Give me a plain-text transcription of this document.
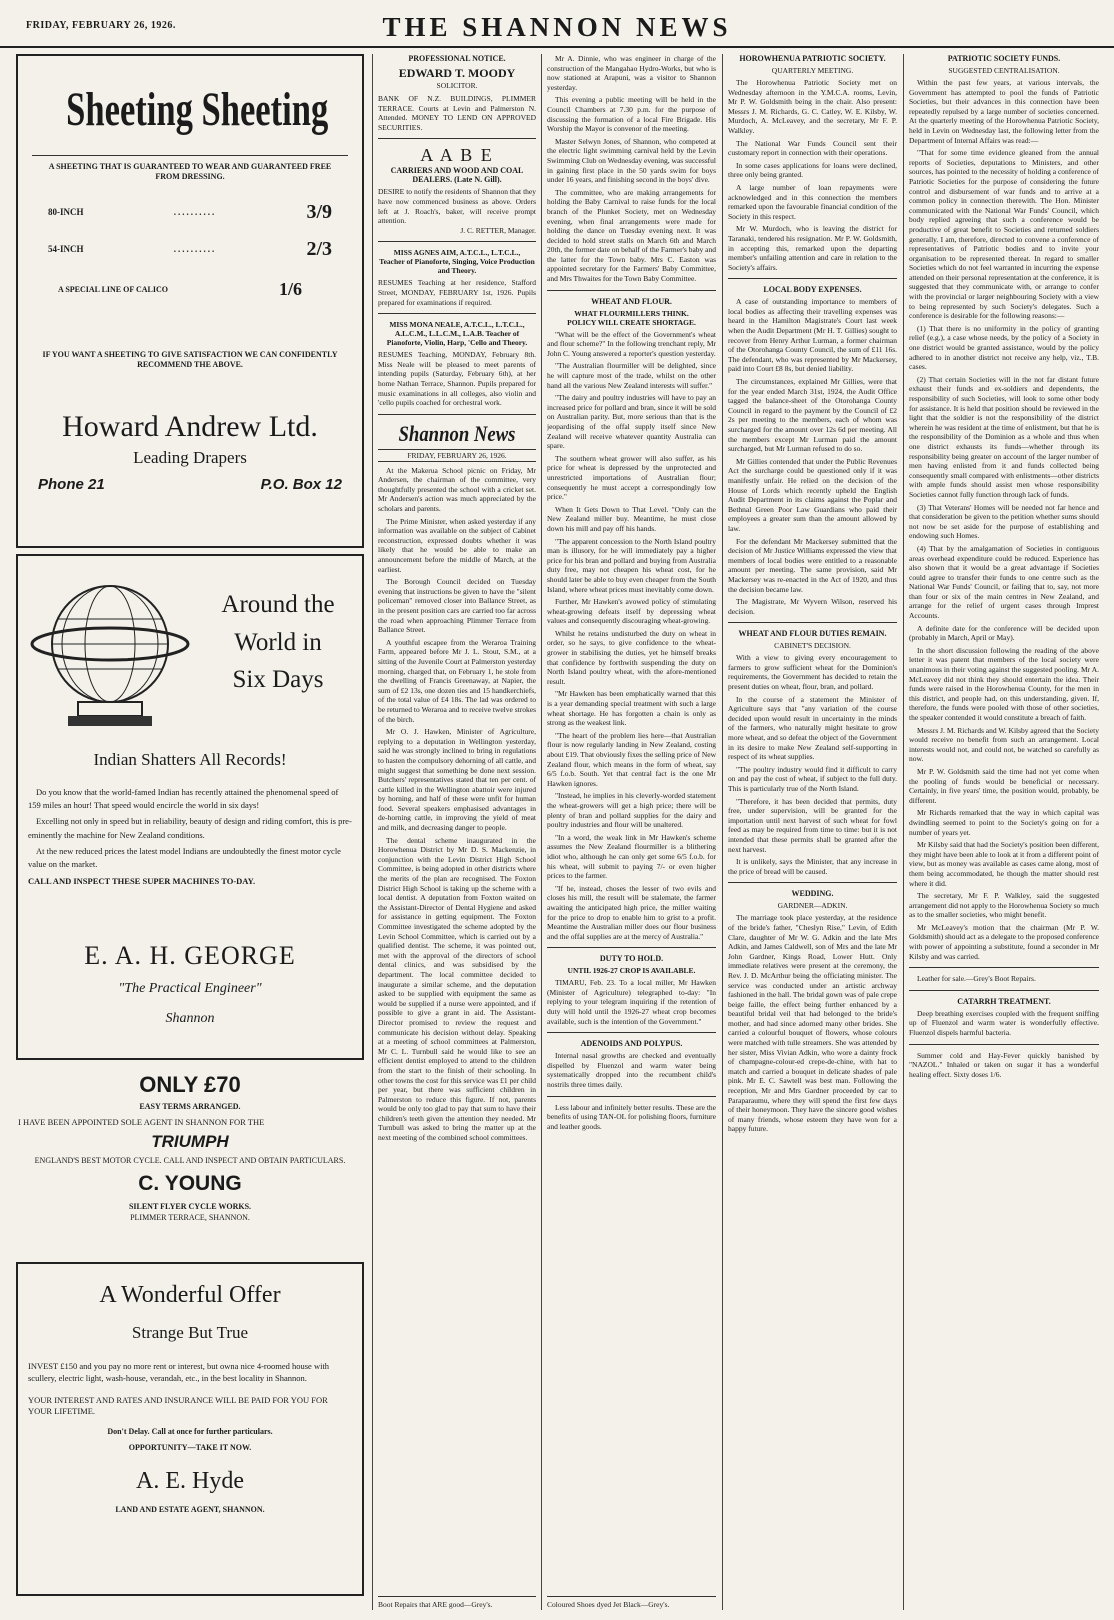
FRIDAY, FEBRUARY 26, 1926.	THE SHANNON NEWS
Sheeting Sheeting
A SHEETING THAT IS GUARANTEED TO WEAR AND GUARANTEED FREE FROM DRESSING.
80-INCH	..........	3/9
54-INCH	..........	2/3
A SPECIAL LINE OF CALICO	1/6
IF YOU WANT A SHEETING TO GIVE SATISFACTION WE CAN CONFIDENTLY RECOMMEND THE ABOVE.
Howard Andrew Ltd.
Leading Drapers
Phone 21	P.O. Box 12
Around the
World in
Six Days
Indian Shatters All Records!

Do you know that the world-famed Indian has recently attained the phenomenal speed of 159 miles an hour! That speed would encircle the world in six days!

Excelling not only in speed but in reliability, beauty of design and riding comfort, this is pre-eminently the machine for New Zealand conditions.

At the new reduced prices the latest model Indians are undoubtedly the finest motor cycle value on the market.

CALL AND INSPECT THESE SUPER MACHINES TO-DAY.
E. A. H. GEORGE
"The Practical Engineer"
Shannon
ONLY £70
EASY TERMS ARRANGED.
I HAVE BEEN APPOINTED SOLE AGENT IN SHANNON FOR THE
TRIUMPH
ENGLAND'S BEST MOTOR CYCLE. CALL AND INSPECT AND OBTAIN PARTICULARS.
C. YOUNG
SILENT FLYER CYCLE WORKS.
PLIMMER TERRACE, SHANNON.
A Wonderful Offer
Strange But True
INVEST £150 and you pay no more rent or interest, but owna nice 4-roomed house with scullery, electric light, wash-house, verandah, etc., in the best locality in Shannon.
YOUR INTEREST AND RATES AND INSURANCE WILL BE PAID FOR YOU FOR YOUR LIFETIME.
Don't Delay. Call at once for further particulars.
OPPORTUNITY—TAKE IT NOW.
A. E. Hyde
LAND AND ESTATE AGENT, SHANNON.
PROFESSIONAL NOTICE.
EDWARD T. MOODY
SOLICITOR.
BANK OF N.Z. BUILDINGS, PLIMMER TERRACE. Courts at Levin and Palmerston N. Attended. MONEY TO LEND ON APPROVED SECURITIES.
A A B E
CARRIERS AND WOOD AND COAL DEALERS. (Late N. Gill).
DESIRE to notify the residents of Shannon that they have now commenced business as above. Orders left at J. Roach's, baker, will receive prompt attention.
J. C. RETTER, Manager.
MISS AGNES AIM, A.T.C.L., L.T.C.L.,
Teacher of Pianoforte, Singing, Voice Production and Theory.
RESUMES Teaching at her residence, Stafford Street, MONDAY, FEBRUARY 1st, 1926. Pupils prepared for examinations if required.
MISS MONA NEALE, A.T.C.L., L.T.C.L., A.L.C.M., L.L.C.M., L.A.B. Teacher of Pianoforte, Violin, Harp, 'Cello and Theory.
RESUMES Teaching, MONDAY, February 8th. Miss Neale will be pleased to meet parents of intending pupils (Saturday, February 6th), at her home Nathan Terrace, Shannon. Pupils prepared for music examinations in all colleges, also violin and 'cello pupils coached for orchestral work.
Shannon News
FRIDAY, FEBRUARY 26, 1926.

At the Makerua School picnic on Friday, Mr Andersen, the chairman of the committee, very thoughtfully presented the school with a cricket set. Mr Andersen's action was much appreciated by the scholars and parents.

The Prime Minister, when asked yesterday if any information was available on the subject of Cabinet reconstruction, expressed doubts whether it was likely that he would be able to make an announcement before the middle of March, at the earliest.

The Borough Council decided on Tuesday evening that instructions be given to have the "silent policeman" removed closer into Ballance Street, as in the present position cars are carried too far across the road when approaching Plimmer Terrace from Ballance Street.

A youthful escapee from the Weraroa Training Farm, appeared before Mr J. L. Stout, S.M., at a sitting of the Juvenile Court at Palmerston yesterday morning, charged that, on February 1, he stole from the dwelling of Francis Greenaway, at Napier, the sum of £2 13s, one dozen ties and 15 handkerchiefs, of the total value of £4 18s. The lad was ordered to be returned to Weraroa and to receive twelve strokes of the birch.

Mr O. J. Hawken, Minister of Agriculture, replying to a deputation in Wellington yesterday, said he was strongly inclined to bring in regulations to hasten the compulsory dehorning of all cattle, and might suggest that something be done next session. Butchers' representatives stated that ten per cent. of cattle killed in the Wellington abattoir were injured by horning, and half of these were unfit for human food. Several speakers emphasised advantages in de-horning cattle, in improving the yield of meat and milk, and decreasing danger to people.

The dental scheme inaugurated in the Horowhenua District by Mr D. S. Mackenzie, in conjunction with the Levin District High School Committee, is being adopted in other districts where the merits of the plan are recognised. The Foxton District High School is taking up the scheme with a local dentist. A deputation from Foxton waited on the Assistant-Director of Dental Hygiene and asked for assistance in getting equipment. The Foxton Committee investigated the scheme adopted by the Levin School Committee, which is carried out by a qualified dentist. The scheme, it was pointed out, met with the approval of the directors of school dental clinics, and was subsidised by the department. The local committee decided to inaugurate a similar scheme, and the deputation asked to be supplied with equipment the same as would be supplied if a nurse were appointed, and if possible to give a grant in aid. The Assistant-Director promised to review the request and communicate his decision without delay. Speaking at a meeting of school committees at Palmerston, Mr C. L. Turnbull said he would like to see an efficient dentist employed to attend to the children from the start to the finish of their schooling. In other towns the cost for this service was £1 per child per year, but there was sufficient children in Palmerston to reduce this figure. If not, parents would be only too glad to pay that sum to have their children's teeth given the attention they needed. Mr Turnbull was asked to bring the matter up at the next meeting of the combined school committees.

Boot Repairs that ARE good—Grey's.

Mr A. Dinnie, who was engineer in charge of the construction of the Mangahao Hydro-Works, but who is now stationed at Arapuni, was a visitor to Shannon yesterday.

This evening a public meeting will be held in the Council Chambers at 7.30 p.m. for the purpose of discussing the formation of a local Fire Brigade. His Worship the Mayor is convenor of the meeting.

Master Selwyn Jones, of Shannon, who competed at the electric light swimming carnival held by the Levin Swimming Club on Wednesday evening, was successful in gaining first place in the 50 yards swim for boys under 16 years, and finishing second in the boys' dive.

The committee, who are making arrangements for holding the Baby Carnival to raise funds for the local branch of the Plunket Society, met on Wednesday evening, when final arrangements were made for holding the dance on Tuesday evening next. It was decided to hold street stalls on March 6th and March 20th, the former date on behalf of the Farmer's baby and the latter for the Town baby. Mrs C. Easton was appointed secretary for the Farmers' Baby Committee, and Mrs Thwaites for the Town Baby Committee.

WHEAT AND FLOUR.
WHAT FLOURMILLERS THINK.
POLICY WILL CREATE SHORTAGE.

"What will be the effect of the Government's wheat and flour scheme?" In the following trenchant reply, Mr John C. Young answered a reporter's question yesterday.

"The Australian flourmiller will be delighted, since he will capture most of the trade, whilst on the other hand all the various New Zealand interests will suffer."

"The dairy and poultry industries will have to pay an increased price for pollard and bran, since it will be sold on Australian parity. But, more serious than that is the jeopardising of the offal supply itself since New Zealand will receive whatever quantity Australia can spare.

The southern wheat grower will also suffer, as his price for wheat is depressed by the unprotected and unrestricted importations of Australian flour; consequently he must accept a correspondingly low price."

When It Gets Down to That Level. "Only can the New Zealand miller buy. Meantime, he must close down his mill and pay off his hands.

"The apparent concession to the North Island poultry man is illusory, for he will immediately pay a higher price for his bran and pollard and buying from Australia duty free, may not cheapen his wheat cost, for he should later be able to buy even cheaper from the South Island, where wheat prices must inevitably come down.

Further, Mr Hawken's avowed policy of stimulating wheat-growing defeats itself by depressing wheat values and consequently discouraging wheat-growing.

Whilst he retains undisturbed the duty on wheat in order, so he says, to give confidence to the wheat-grower in stabilising the duties, yet he himself breaks that confidence by forthwith suspending the duty on North Island poultry wheat, with the afore-mentioned result.

"Mr Hawken has been emphatically warned that this is a year demanding special treatment with such a large wheat shortage. He has forgotten a chain is only as strong as the weakest link.

"The heart of the problem lies here—that Australian flour is now regularly landing in New Zealand, costing about £19. That obviously fixes the selling price of New Zealand flour, which means in the form of wheat, say 6/5 f.o.b. South. Yet that central fact is the one Mr Hawken ignores.

"Instead, he implies in his cleverly-worded statement the wheat-growers will get a high price; there will be plenty of bran and pollard supplies for the dairy and poultry industries and flour will be unaltered.

"In a word, the weak link in Mr Hawken's scheme assumes the New Zealand flourmiller is a blithering idiot who, although he can only get some 6/5 f.o.b. for his wheat, will submit to paying 7/- or even higher prices to the farmer.

"If he, instead, choses the lesser of two evils and closes his mill, the result will be stalemate, the farmer awaiting the anticipated high price, the miller waiting for the price to drop to enable him to grist to a profit. Meantime the Australian miller does our flour business and the offal supplies are at the mercy of Australia."

DUTY TO HOLD.
UNTIL 1926-27 CROP IS AVAILABLE.

TIMARU, Feb. 23. To a local miller, Mr Hawken (Minister of Agriculture) telegraphed to-day: "In replying to your telegram inquiring if the retention of duty will hold until the 1926-27 wheat crop becomes available, such is the intention of the Government."

ADENOIDS AND POLYPUS.

Internal nasal growths are checked and eventually dispelled by Fluenzol and warm water being systematically dropped into the recumbent child's nostrils three times daily.

Less labour and infinitely better results. These are the benefits of using TAN-OL for polishing floors, furniture and leather goods.

Coloured Shoes dyed Jet Black—Grey's.
HOROWHENUA PATRIOTIC SOCIETY.
QUARTERLY MEETING.

The Horowhenua Patriotic Society met on Wednesday afternoon in the Y.M.C.A. rooms, Levin, Mr P. W. Goldsmith being in the chair. Also present: Messrs J. M. Richards, G. C. Catley, W. E. Kilsby, W. Murdoch, A. McLeavey, and the secretary, Mr F. P. Walkley.

The National War Funds Council sent their customary report in connection with their operations.

In some cases applications for loans were declined, three only being granted.

A large number of loan repayments were acknowledged and in this connection the members remarked upon the favourable financial condition of the Society in this respect.

Mr W. Murdoch, who is leaving the district for Taranaki, tendered his resignation. Mr P. W. Goldsmith, in accepting this, remarked upon the departing member's unfailing attention and care in relation to the Society's affairs.

LOCAL BODY EXPENSES.

A case of outstanding importance to members of local bodies as affecting their travelling expenses was heard in the Hamilton Magistrate's Court last week when the Audit Department (Mr H. T. Gillies) sought to recover from Henry Arthur Lurman, a former chairman of the Otorohanga County Council, the sum of £11 16s. The defendant, who was represented by Mr Mackersey, paid into Court £8 8s, but denied liability.

The circumstances, explained Mr Gillies, were that for the year ended March 31st, 1924, the Audit Office tagged the balance-sheet of the Otorohanga County Council in regard to the payment by the Council of £2 2s per meeting to the members, each of whom was surcharged for the amount over 12s 6d per meeting. All the members except Mr Lurman paid the amount surcharged, but Mr Lurman refused to do so.

Mr Gillies contended that under the Public Revenues Act the surcharge could be questioned only if it was manifestly unfair. He relied on the decision of the House of Lords which recently upheld the English Audit Department in its claims against the Poplar and Bethnal Green Poor Law Guardians who paid their employees a greater sum than the amount allowed by law.

For the defendant Mr Mackersey submitted that the decision of Mr Justice Williams expressed the view that members of local bodies were entitled to a reasonable amount per meeting. The same provision, said Mr Mackersey was re-enacted in the Act of 1920, and thus the decision became law.

The Magistrate, Mr Wyvern Wilson, reserved his decision.

WHEAT AND FLOUR DUTIES REMAIN.
CABINET'S DECISION.

With a view to giving every encouragement to farmers to grow sufficient wheat for the Dominion's requirements, the Government has decided to retain the present duties on wheat, flour, bran, and pollard.

In the course of a statement the Minister of Agriculture says that "any variation of the course decided upon would result in uncertainty in the minds of the farmers, who naturally might hesitate to grow more wheat, and so defeat the object of the Government in its desire to make New Zealand self-supporting in respect of its wheat supplies.

"The poultry industry would find it difficult to carry on and pay the cost of wheat, if subject to the full duty. This is particularly true of the North Island.

"Therefore, it has been decided that permits, duty free, under supervision, will be granted for the importation until next harvest of such wheat for fowl feed as may be required from time to time: but it is not intended that these permits shall be granted after the next harvest.

It is unlikely, says the Minister, that any increase in the price of bread will be caused.

WEDDING.
GARDNER—ADKIN.

The marriage took place yesterday, at the residence of the bride's father, "Cheslyn Rise," Levin, of Edith Clare, daughter of Mr W. G. Adkin and the late Mrs Adkin, and James Caldwell, son of Mrs and the late Mr John Gardner, Kings Road, Lower Hutt. Only immediate relatives were present at the ceremony, the Rev. J. D. McArthur being the officiating minister. The service was conducted under an artistic archway fashioned in the hall. The bridal gown was of pale crepe beige faille, the effect being further enhanced by a beautiful bridal veil that had belonged to the bride's mother, and had since adorned many other brides. She carried a colourful bouquet of flowers, whose colours were matched with tulle streamers. She was attended by her sister, Miss Vivian Adkin, who wore a dainty frock of champagne-colour-ed crepe-de-chine, with hat to match and carried a bouquet in delicate shades of pale pink. Mr E. C. Sawtell was best man. Following the reception, Mr and Mrs Gardner proceeded by car to Paraparaumu, where they will spend the first few days of their honeymoon. They have the sincere good wishes of many friends, whose esteem they have won for a happy future.

PATRIOTIC SOCIETY FUNDS.
SUGGESTED CENTRALISATION.

Within the past few years, at various intervals, the Government has attempted to pool the funds of Patriotic Societies, but their advances in this connection have been repeatedly repulsed by a large number of societies concerned. At the quarterly meeting of the Horowhenua Patriotic Society, held in Levin on Wednesday last, the following letter from the Department of Internal Affairs was read:—

"That for some time evidence gleaned from the annual reports of Societies, deputations to Ministers, and other sources, has pointed to the necessity of holding a conference of Patriotic Societies for the purpose of considering the future control and disbursement of war funds and to arrive at a common policy in connection therewith. The Hon. Minister communicated with the National War Funds' Council, which body replied agreeing that such a conference would be productive of great benefit to Societies and returned soldiers generally. I am, therefore, directed to convene a conference of representatives of Patriotic bodies and to invite your organisation to be represented thereat. In regard to smaller Societies which do not feel warranted in incurring the expense attended on their personal representation at the conference, it is suggested that they communicate with, or arrange to confer with the provincial or larger neighbouring Society with a view to being represented by such Society's delegates. Such a conference is desirable for the following reasons:—

(1) That there is no uniformity in the policy of granting relief (e.g.), a case whose needs, by the policy of a Society in one district would be granted assistance, would by the policy adhered to in another district not receive any help, viz., T.B. cases.

(2) That certain Societies will in the not far distant future exhaust their funds and ex-soldiers and dependents, the responsibility of such Societies, will look to some other body for assistance. It is held that position should be reviewed in the light that the soldier is not the responsibility of the district wherein he was resident at the time of enlistment, but that he is the responsibility of the Dominion as a whole and thus when one district exhausts its funds—whether through its responsibility being greater on account of the larger number of men having enlisted from it and funds collected being consequently small compared with enlistments—other districts with ample funds should assist men whose responsibility Societies cannot fully function through lack of funds.

(3) That Veterans' Homes will be needed not far hence and that consideration be given to the petition whether sums should not now be set aside for the purpose of establishing and endowing such Homes.

(4) That by the amalgamation of Societies in contiguous areas overhead expenditure could be reduced. Experience has also shown that it would be a great advantage if Societies could agree to transfer their funds to one centre such as the National War Funds' Council, or failing that to, say, not more than four or six of the main centres in New Zealand, and arrange for the relief of urgent cases through Imprest Accounts.

A definite date for the conference will be decided upon (probably in March, April or May).

In the short discussion following the reading of the above letter it was patent that members of the local society were unanimous in their voting against the suggested pooling. Mr A. McLeavey did not think they should entertain the idea. Their funds were raised in the Horowhenua County, for the men in this district, and people had, on this understanding, given. If, therefore, the funds were pooled with those of other societies, the speaker contended it would constitute a breach of faith.

Messrs J. M. Richards and W. Kilsby agreed that the Society would receive no benefit from such an arrangement. Local interests would not, and could not, be watched so carefully as now.

Mr P. W. Goldsmith said the time had not yet come when the pooling of funds would be beneficial or necessary. Certainly, in five years' time, the position would, probably, be different.

Mr Richards remarked that the way in which capital was dwindling seemed to point to the Society's going on for a number of years yet.

Mr Kilsby said that had the Society's position been different, they might have been able to look at it from a different point of view, but as money was available as cases came along, most of them being accommodated, he though the matter should rest where it did.

The secretary, Mr F. P. Walkley, said the suggested arrangement did not apply to the Horowhenua Society so much as to the smaller societies, who might benefit.

Mr McLeavey's motion that the chairman (Mr P. W. Goldsmith) should act as a delegate to the proposed conference with power of appointing a substitute, found a seconder in Mr Kilsby and was carried.

Leather for sale.—Grey's Boot Repairs.

CATARRH TREATMENT.

Deep breathing exercises coupled with the frequent sniffing up of Fluenzol and warm water is wonderfully effective. Fluenzol dispels harmful bacteria.

Summer cold and Hay-Fever quickly banished by "NAZOL." Inhaled or taken on sugar it has a wonderful healing effect. Sixty doses 1/6.
